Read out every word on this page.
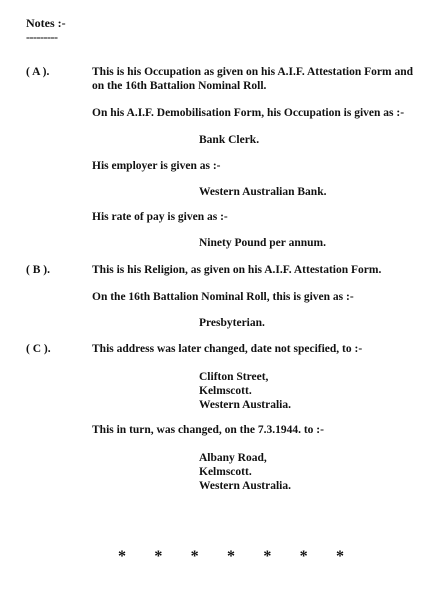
Notes :-
---------
( A ).	This is his Occupation as given on his A.I.F. Attestation Form and on the 16th Battalion Nominal Roll.
On his A.I.F. Demobilisation Form, his Occupation is given as :-
Bank Clerk.
His employer is given as :-
Western Australian Bank.
His rate of pay is given as :-
Ninety Pound per annum.
( B ).	This is his Religion, as given on his A.I.F. Attestation Form.
On the 16th Battalion Nominal Roll, this is given as :-
Presbyterian.
( C ).	This address was later changed, date not specified, to :-
Clifton Street,
Kelmscott.
Western Australia.
This in turn, was changed, on the 7.3.1944. to :-
Albany Road,
Kelmscott.
Western Australia.
* * * * * * *
